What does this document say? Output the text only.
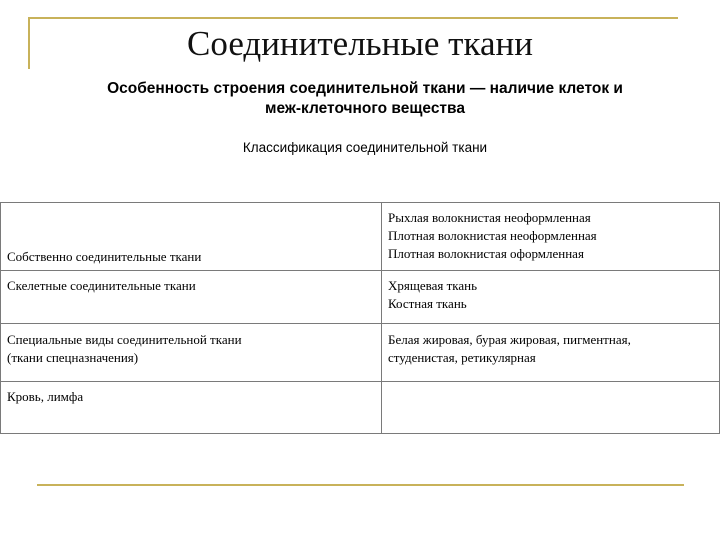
Соединительные ткани
Особенность строения соединительной ткани — наличие клеток и
меж-клеточного вещества
Классификация соединительной ткани
Собственно соединительные ткани	Рыхлая волокнистая неоформленная
Плотная волокнистая неоформленная
Плотная волокнистая оформленная

Скелетные соединительные ткани	Хрящевая ткань
Костная ткань

Специальные виды соединительной ткани
(ткани спецназначения)	Белая жировая, бурая жировая, пигментная,
студенистая, ретикулярная

Кровь, лимфа	
